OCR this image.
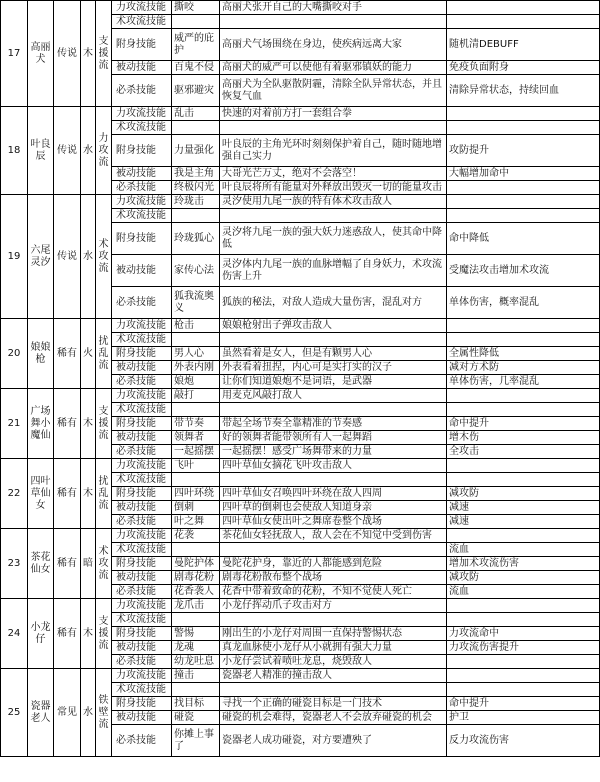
17	高丽犬	传说	木	支援流	力攻流技能	撕咬	高丽犬张开自己的大嘴撕咬对手	
					术攻流技能			
					附身技能	威严的庇护	高丽犬气场围绕在身边，使疾病远离大家	随机清DEBUFF
					被动技能	百鬼不侵	高丽犬的威严可以使他有着驱邪镇妖的能力	免疫负面附身
					必杀技能	驱邪避灾	高丽犬为全队驱散阴霾，清除全队异常状态，并且恢复气血	清除异常状态，持续回血
18	叶良辰	传说	水	力攻流	力攻流技能	乱击	快速的对着前方打一套组合拳	
					术攻流技能			
					附身技能	力量强化	叶良辰的主角光环时刻刻保护着自己，随时随地增强自己实力	攻防提升
					被动技能	我是主角	大哥光芒万丈，绝对不会落空！	大幅增加命中
					必杀技能	终极闪光	叶良辰将所有能量对外释放出毁灭一切的能量攻击	
19	六尾灵汐	传说	水	术攻流	力攻流技能	玲珑击	灵汐使用九尾一族的特有体术攻击敌人	
					术攻流技能			
					附身技能	玲珑狐心	灵汐将九尾一族的强大妖力迷惑敌人，使其命中降低	命中降低
					被动技能	家传心法	灵汐体内九尾一族的血脉增幅了自身妖力，术攻流伤害上升	受魔法攻击增加术攻流
					必杀技能	狐我流奥义	狐族的秘法，对敌人造成大量伤害，混乱对方	单体伤害，概率混乱
20	娘娘枪	稀有	火	扰乱流	力攻流技能	枪击	娘娘枪射出子弹攻击敌人	
					术攻流技能			
					附身技能	男人心	虽然看着是女人，但是有颗男人心	全属性降低
					被动技能	外表内刚	外表看着扭捏，内心可是实打实的汉子	减对方术防
					必杀技能	娘炮	让你们知道娘炮不是词语，是武器	单体伤害，几率混乱
21	广场舞小魔仙	稀有	木	支援流	力攻流技能	敲打	用麦克风敲打敌人	
					术攻流技能			
					附身技能	带节奏	带起全场节奏全靠精准的节奏感	命中提升
					被动技能	领舞者	好的领舞者能带领所有人一起舞蹈	增木伤
					必杀技能	一起摇摆	一起摇摆！感受广场舞带来的力量	全攻击
22	四叶草仙女	稀有	木	扰乱流	力攻流技能	飞叶	四叶草仙女摘花飞叶攻击敌人	
					术攻流技能			
					附身技能	四叶环绕	四叶草仙女召唤四叶环绕在敌人四周	减攻防
					被动技能	倒刺	四叶草的倒刺也会使敌人知道身亲	减速
					必杀技能	叶之舞	四叶草仙女使出叶之舞席卷整个战场	减速
23	茶花仙女	稀有	暗	术攻流	力攻流技能	花袭	茶花仙女轻抚敌人，敌人会在不知觉中受到伤害	
					术攻流技能			流血
					附身技能	曼陀护体	曼陀花护身，靠近的人都能感到危险	增加术攻流伤害
					被动技能	剧毒花粉	剧毒花粉散布整个战场	减攻防
					必杀技能	花香袭人	花香中带着致命的花粉，不知不觉使人死亡	流血
24	小龙仔	稀有	木	支援流	力攻流技能	龙爪击	小龙仔挥动爪子攻击对方	
					术攻流技能			
					附身技能	警惕	刚出生的小龙仔对周围一直保持警惕状态	力攻流命中
					被动技能	龙魂	真龙血脉使小龙仔从小就拥有强大力量	力攻流伤害提升
					必杀技能	幼龙吐息	小龙仔尝试着喷吐龙息，烧毁敌人	
25	瓷器老人	常见	水	铁壁流	力攻流技能	撞击	瓷器老人精准的撞击敌人	
					术攻流技能			
					附身技能	找目标	寻找一个正确的碰瓷目标是一门技术	命中提升
					被动技能	碰瓷	碰瓷的机会难得，瓷器老人不会放弃碰瓷的机会	护卫
					必杀技能	你摊上事了	瓷器老人成功碰瓷，对方要遭殃了	反力攻流伤害
